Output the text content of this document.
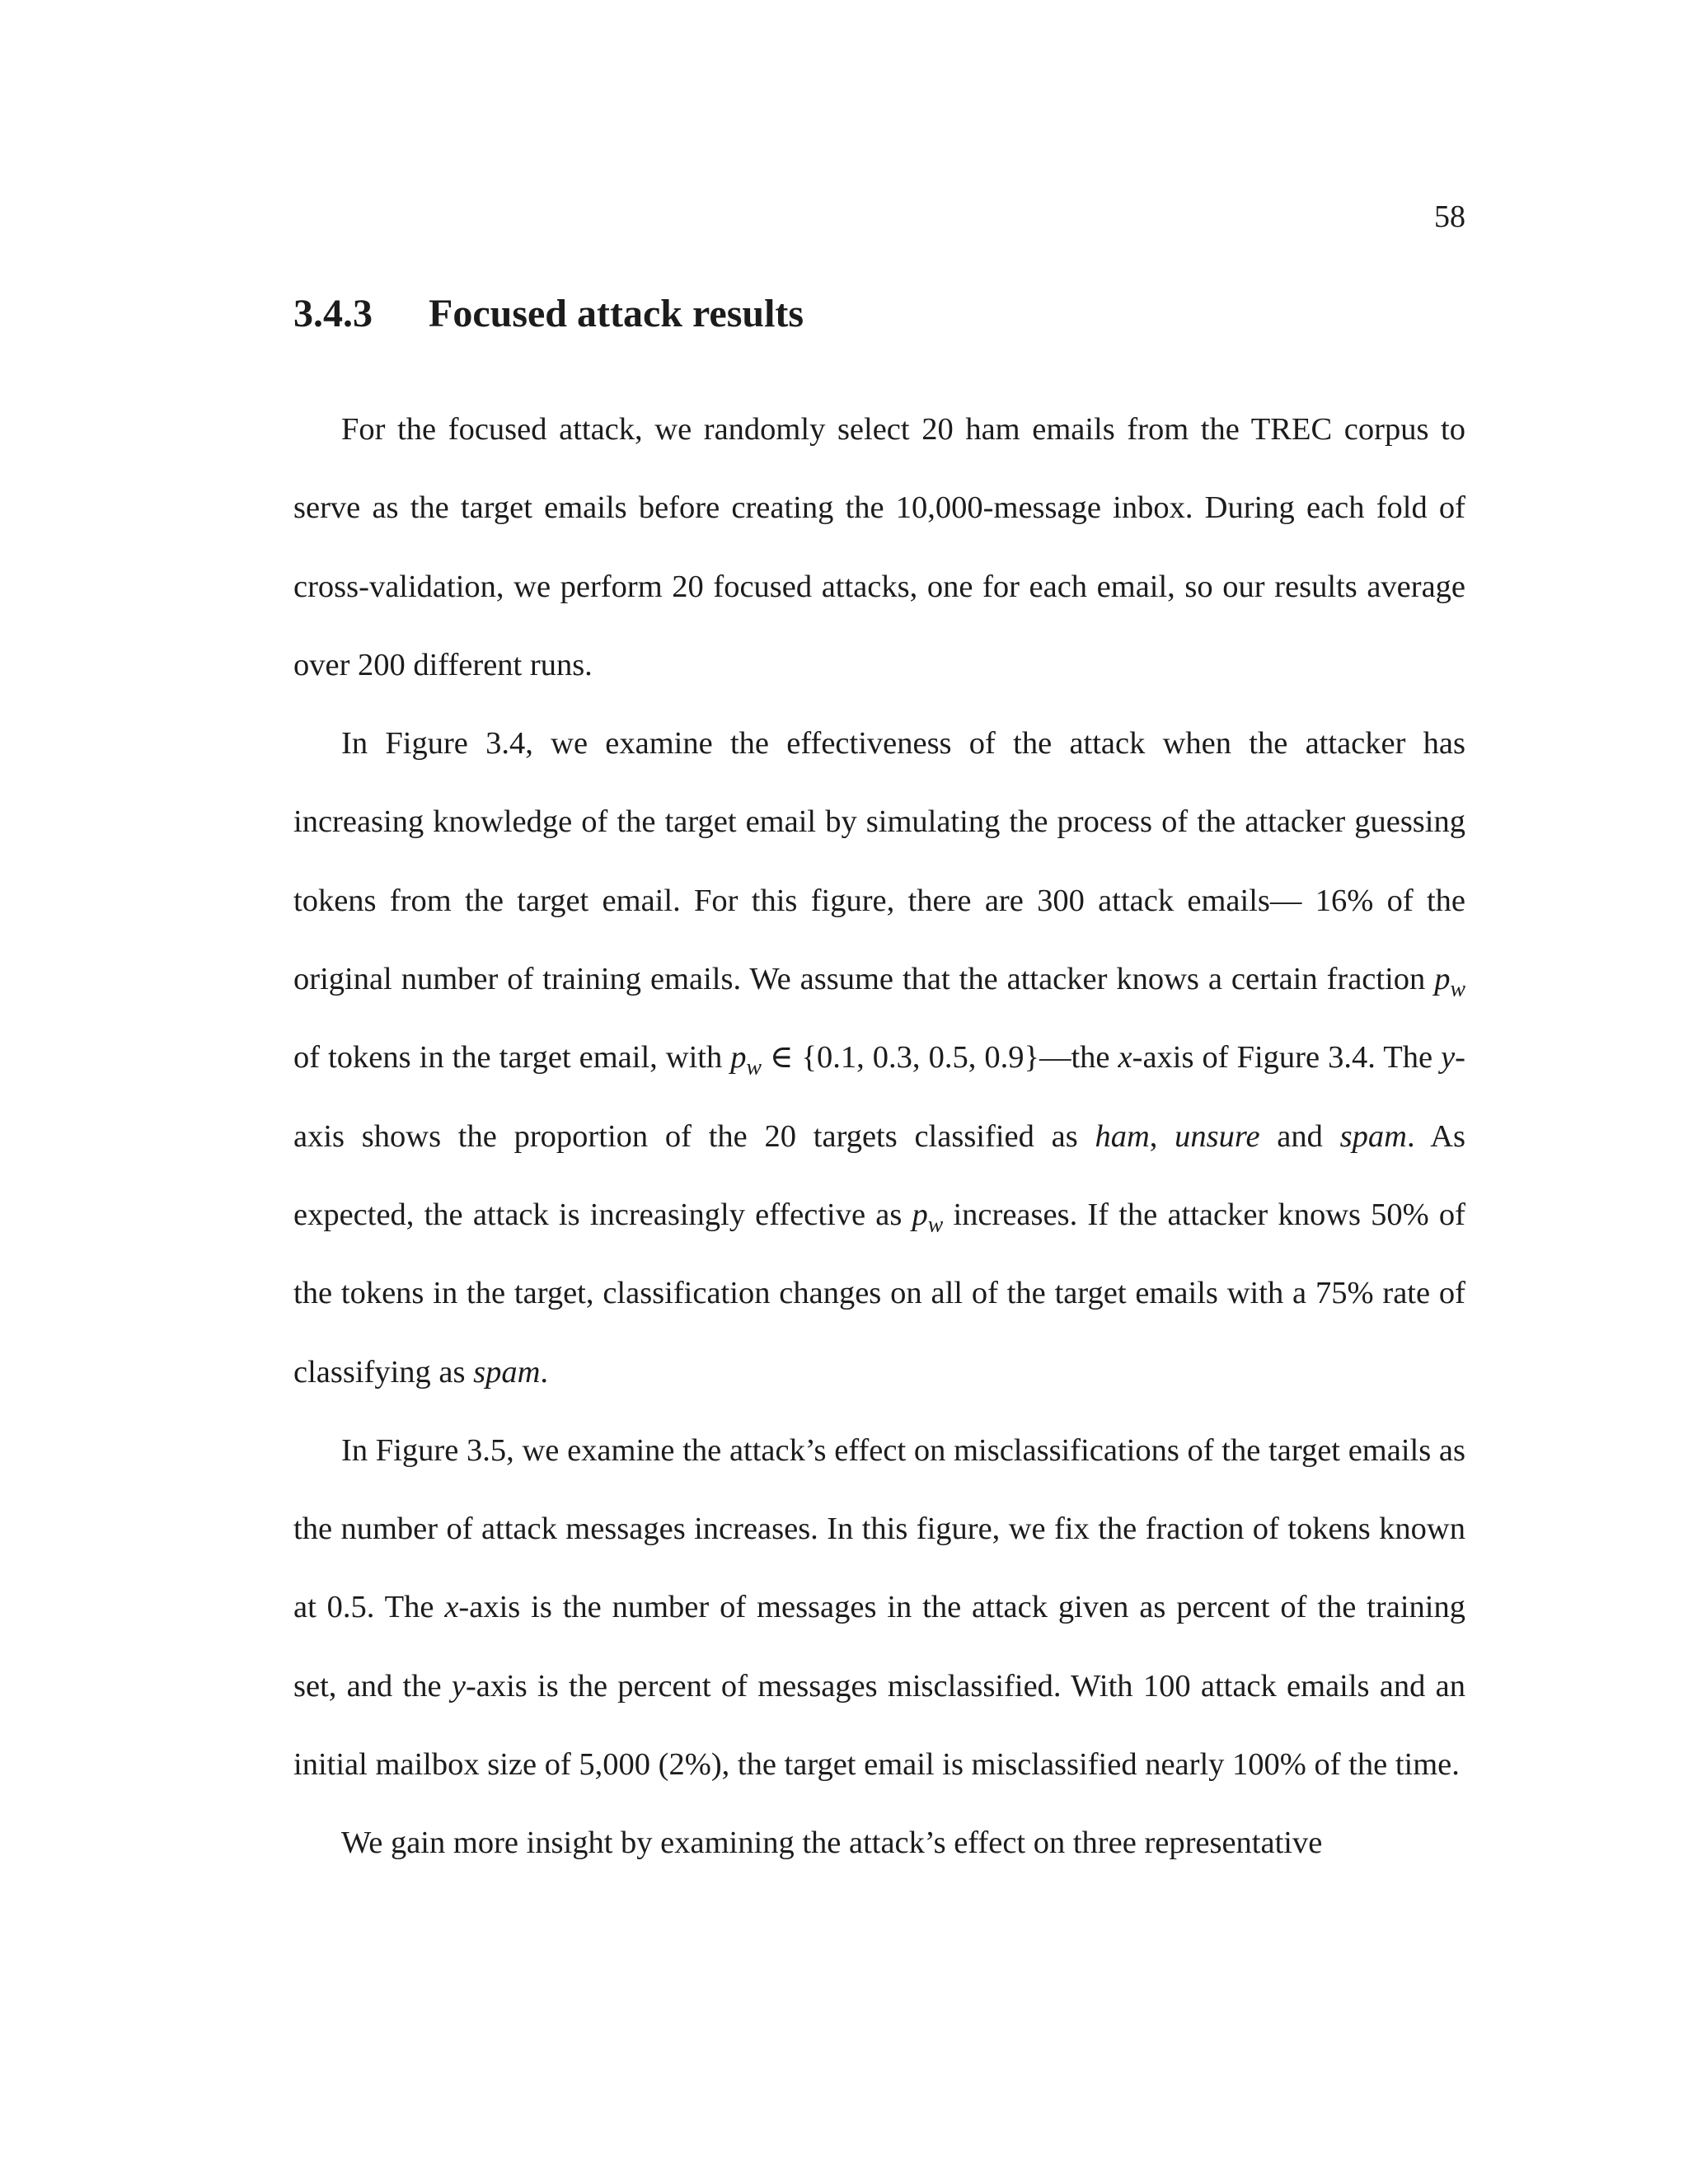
58
3.4.3 Focused attack results

For the focused attack, we randomly select 20 ham emails from the TREC corpus to serve as the target emails before creating the 10,000-message inbox. During each fold of cross-validation, we perform 20 focused attacks, one for each email, so our results average over 200 different runs.

In Figure 3.4, we examine the effectiveness of the attack when the attacker has increasing knowledge of the target email by simulating the process of the attacker guessing tokens from the target email. For this figure, there are 300 attack emails— 16% of the original number of training emails. We assume that the attacker knows a certain fraction $p_w$ of tokens in the target email, with $p_w$ ∈ {0.1, 0.3, 0.5, 0.9}—the x-axis of Figure 3.4. The y-axis shows the proportion of the 20 targets classified as ham, unsure and spam. As expected, the attack is increasingly effective as $p_w$ increases. If the attacker knows 50% of the tokens in the target, classification changes on all of the target emails with a 75% rate of classifying as spam.

In Figure 3.5, we examine the attack’s effect on misclassifications of the target emails as the number of attack messages increases. In this figure, we fix the fraction of tokens known at 0.5. The x-axis is the number of messages in the attack given as percent of the training set, and the y-axis is the percent of messages misclassified. With 100 attack emails and an initial mailbox size of 5,000 (2%), the target email is misclassified nearly 100% of the time.

We gain more insight by examining the attack’s effect on three representative
